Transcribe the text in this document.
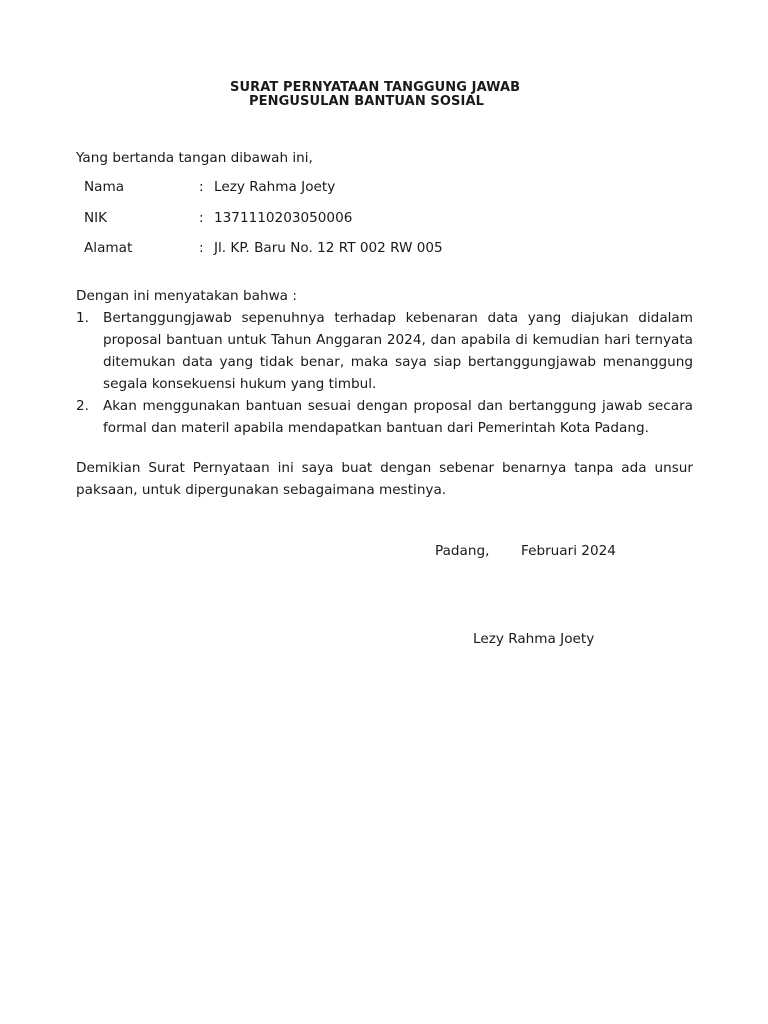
SURAT PERNYATAAN TANGGUNG JAWAB
PENGUSULAN BANTUAN SOSIAL
Yang bertanda tangan dibawah ini,
Nama	: Lezy Rahma Joety
NIK	: 1371110203050006
Alamat	: Jl. KP. Baru No. 12 RT 002 RW 005
Dengan ini menyatakan bahwa :
1. Bertanggungjawab sepenuhnya terhadap kebenaran data yang diajukan didalam proposal bantuan untuk Tahun Anggaran 2024, dan apabila di kemudian hari ternyata ditemukan data yang tidak benar, maka saya siap bertanggungjawab menanggung segala konsekuensi hukum yang timbul.
2. Akan menggunakan bantuan sesuai dengan proposal dan bertanggung jawab secara formal dan materil apabila mendapatkan bantuan dari Pemerintah Kota Padang.
Demikian Surat Pernyataan ini saya buat dengan sebenar benarnya tanpa ada unsur paksaan, untuk dipergunakan sebagaimana mestinya.
Padang, Februari 2024
Lezy Rahma Joety
